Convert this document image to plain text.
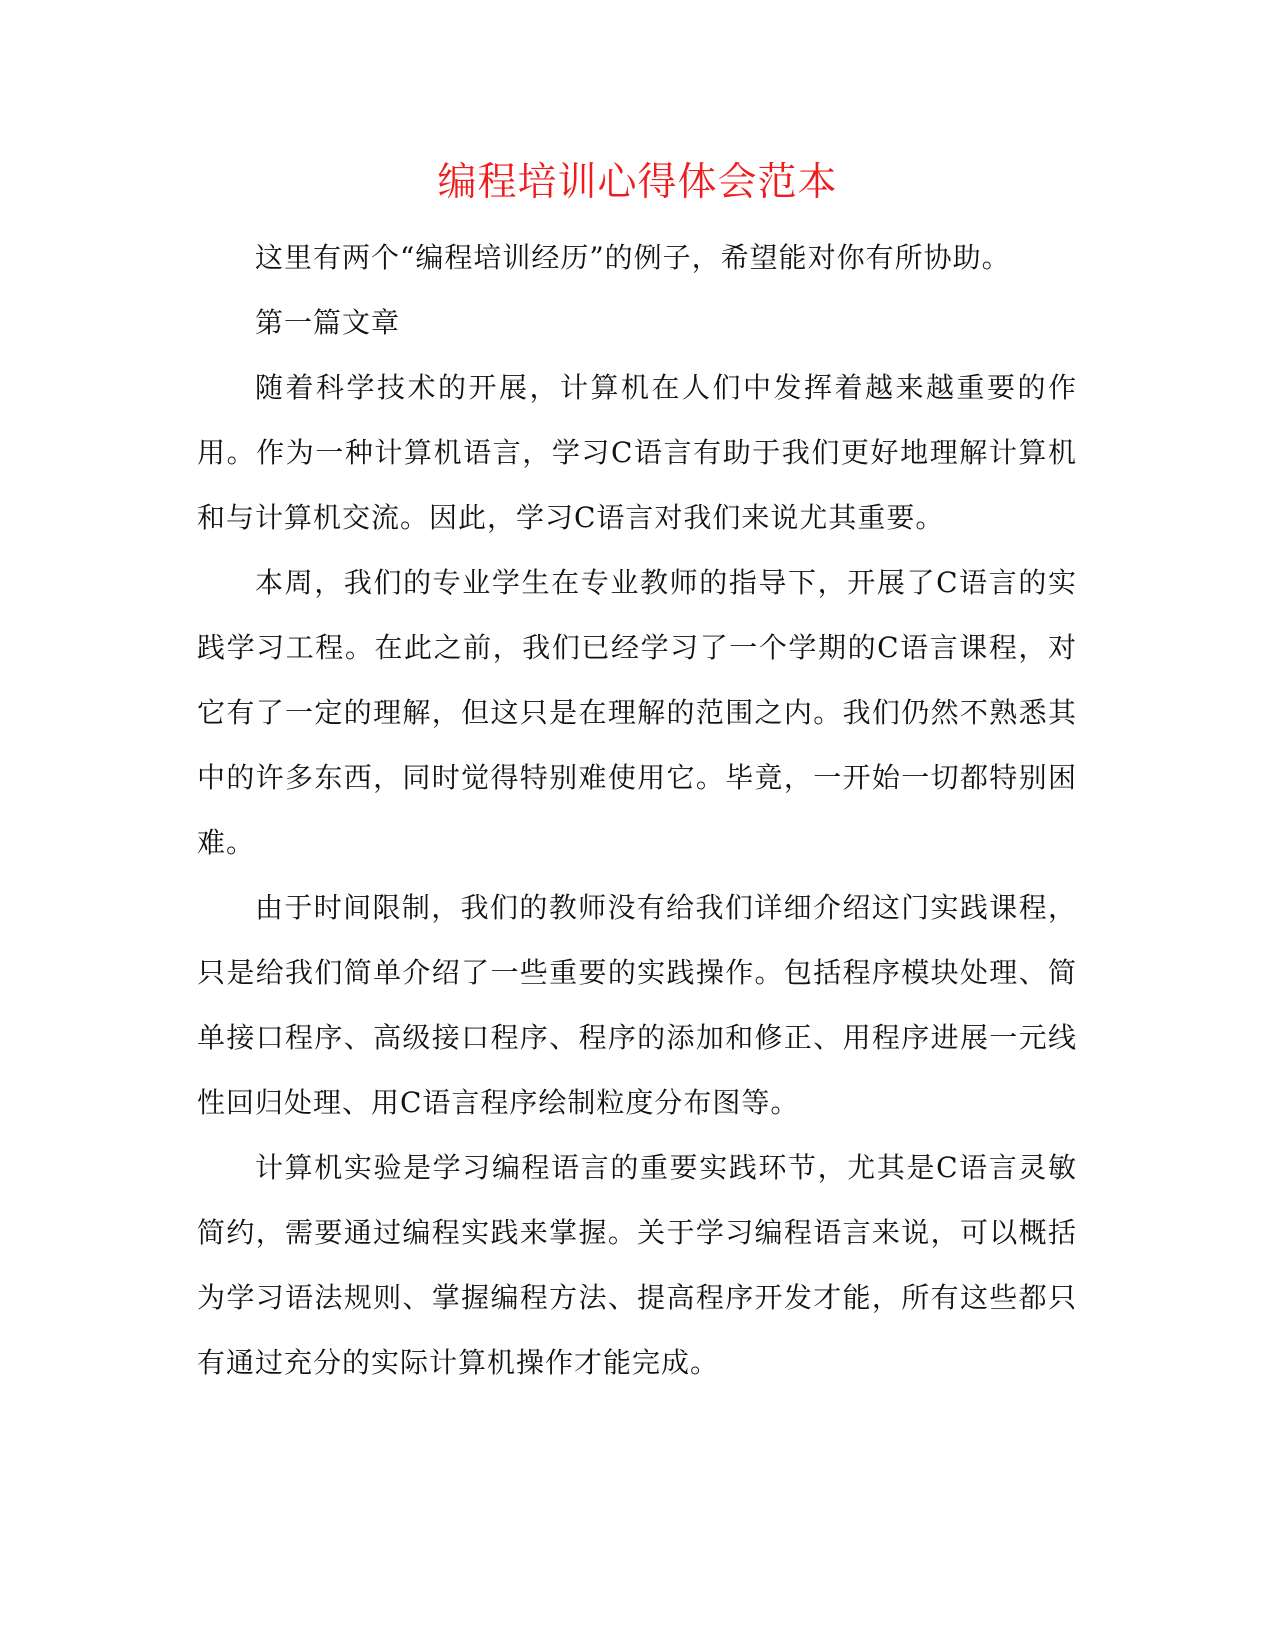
编程培训心得体会范本

这里有两个“编程培训经历”的例子，希望能对你有所协助。

第一篇文章

随着科学技术的开展，计算机在人们中发挥着越来越重要的作用。作为一种计算机语言，学习C语言有助于我们更好地理解计算机和与计算机交流。因此，学习C语言对我们来说尤其重要。

本周，我们的专业学生在专业教师的指导下，开展了C语言的实践学习工程。在此之前，我们已经学习了一个学期的C语言课程，对它有了一定的理解，但这只是在理解的范围之内。我们仍然不熟悉其中的许多东西，同时觉得特别难使用它。毕竟，一开始一切都特别困难。

由于时间限制，我们的教师没有给我们详细介绍这门实践课程，只是给我们简单介绍了一些重要的实践操作。包括程序模块处理、简单接口程序、高级接口程序、程序的添加和修正、用程序进展一元线性回归处理、用C语言程序绘制粒度分布图等。

计算机实验是学习编程语言的重要实践环节，尤其是C语言灵敏简约，需要通过编程实践来掌握。关于学习编程语言来说，可以概括为学习语法规则、掌握编程方法、提高程序开发才能，所有这些都只有通过充分的实际计算机操作才能完成。
